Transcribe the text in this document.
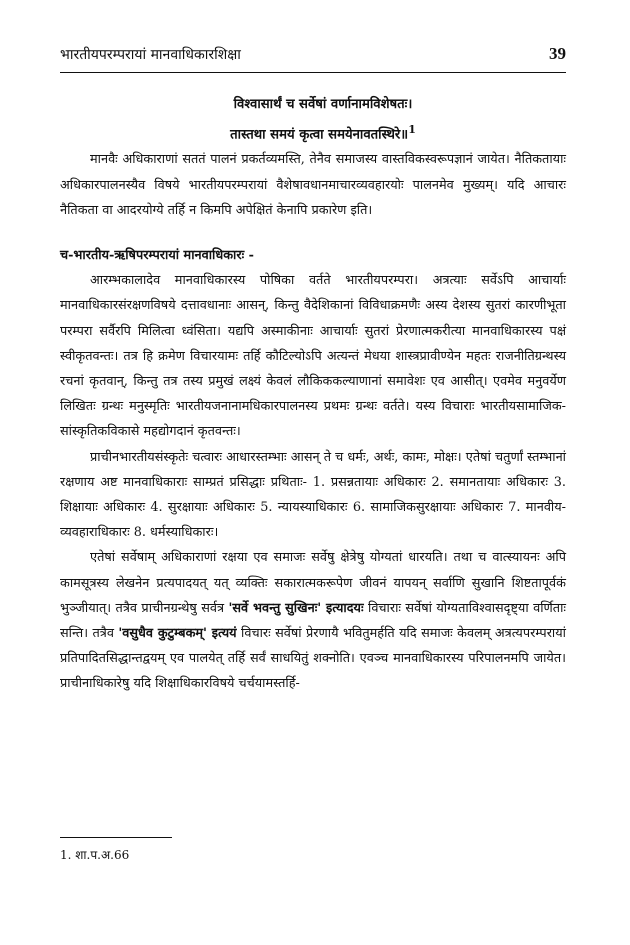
भारतीयपरम्परायां मानवाधिकारशिक्षा	39
विश्वासार्थं च सर्वेषां वर्णानामविशेषतः।
तास्तथा समयं कृत्वा समयेनावतस्थिरे॥$^1$

मानवैः अधिकाराणां सततं पालनं प्रकर्तव्यमस्ति, तेनैव समाजस्य वास्तविकस्वरूपज्ञानं जायेत। नैतिकतायाः अधिकारपालनस्यैव विषये भारतीयपरम्परायां वैशेषावधानमाचारव्यवहारयोः पालनमेव मुख्यम्। यदि आचारः नैतिकता वा आदरयोग्ये तर्हि न किमपि अपेक्षितं केनापि प्रकारेण इति।

च-भारतीय-ऋषिपरम्परायां मानवाधिकारः -

आरम्भकालादेव मानवाधिकारस्य पोषिका वर्तते भारतीयपरम्परा। अत्रत्याः सर्वेऽपि आचार्याः मानवाधिकारसंरक्षणविषये दत्तावधानाः आसन्, किन्तु वैदेशिकानां विविधाक्रमणैः अस्य देशस्य सुतरां कारणीभूता परम्परा सर्वैरपि मिलित्वा ध्वंसिता। यद्यपि अस्माकीनाः आचार्याः सुतरां प्रेरणात्मकरीत्या मानवाधिकारस्य पक्षं स्वीकृतवन्तः। तत्र हि क्रमेण विचारयामः तर्हि कौटिल्योऽपि अत्यन्तं मेधया शास्त्रप्रावीण्येन महतः राजनीतिग्रन्थस्य रचनां कृतवान्, किन्तु तत्र तस्य प्रमुखं लक्ष्यं केवलं लौकिककल्याणानां समावेशः एव आसीत्। एवमेव मनुवर्येण लिखितः ग्रन्थः मनुस्मृतिः भारतीयजनानामधिकारपालनस्य प्रथमः ग्रन्थः वर्तते। यस्य विचाराः भारतीयसामाजिक-सांस्कृतिकविकासे महद्योगदानं कृतवन्तः।

प्राचीनभारतीयसंस्कृतेः चत्वारः आधारस्तम्भाः आसन् ते च धर्मः, अर्थः, कामः, मोक्षः। एतेषां चतुर्णां स्तम्भानां रक्षणाय अष्ट मानवाधिकाराः साम्प्रतं प्रसिद्धाः प्रथिताः- 1. प्रसन्नतायाः अधिकारः 2. समानतायाः अधिकारः 3. शिक्षायाः अधिकारः 4. सुरक्षायाः अधिकारः 5. न्यायस्याधिकारः 6. सामाजिकसुरक्षायाः अधिकारः 7. मानवीय-व्यवहाराधिकारः 8. धर्मस्याधिकारः।

एतेषां सर्वेषाम् अधिकाराणां रक्षया एव समाजः सर्वेषु क्षेत्रेषु योग्यतां धारयति। तथा च वात्स्यायनः अपि कामसूत्रस्य लेखनेन प्रत्यपादयत् यत् व्यक्तिः सकारात्मकरूपेण जीवनं यापयन् सर्वाणि सुखानि शिष्टतापूर्वकं भुञ्जीयात्। तत्रैव प्राचीनग्रन्थेषु सर्वत्र 'सर्वे भवन्तु सुखिनः' इत्यादयः विचाराः सर्वेषां योग्यताविश्वासदृष्ट्या वर्णिताः सन्ति। तत्रैव 'वसुधैव कुटुम्बकम्' इत्ययं विचारः सर्वेषां प्रेरणायै भवितुमर्हति यदि समाजः केवलम् अत्रत्यपरम्परायां प्रतिपादितसिद्धान्तद्वयम् एव पालयेत् तर्हि सर्वं साधयितुं शक्नोति। एवञ्च मानवाधिकारस्य परिपालनमपि जायेत। प्राचीनाधिकारेषु यदि शिक्षाधिकारविषये चर्चयामस्तर्हि-

1. शा.प.अ.66
